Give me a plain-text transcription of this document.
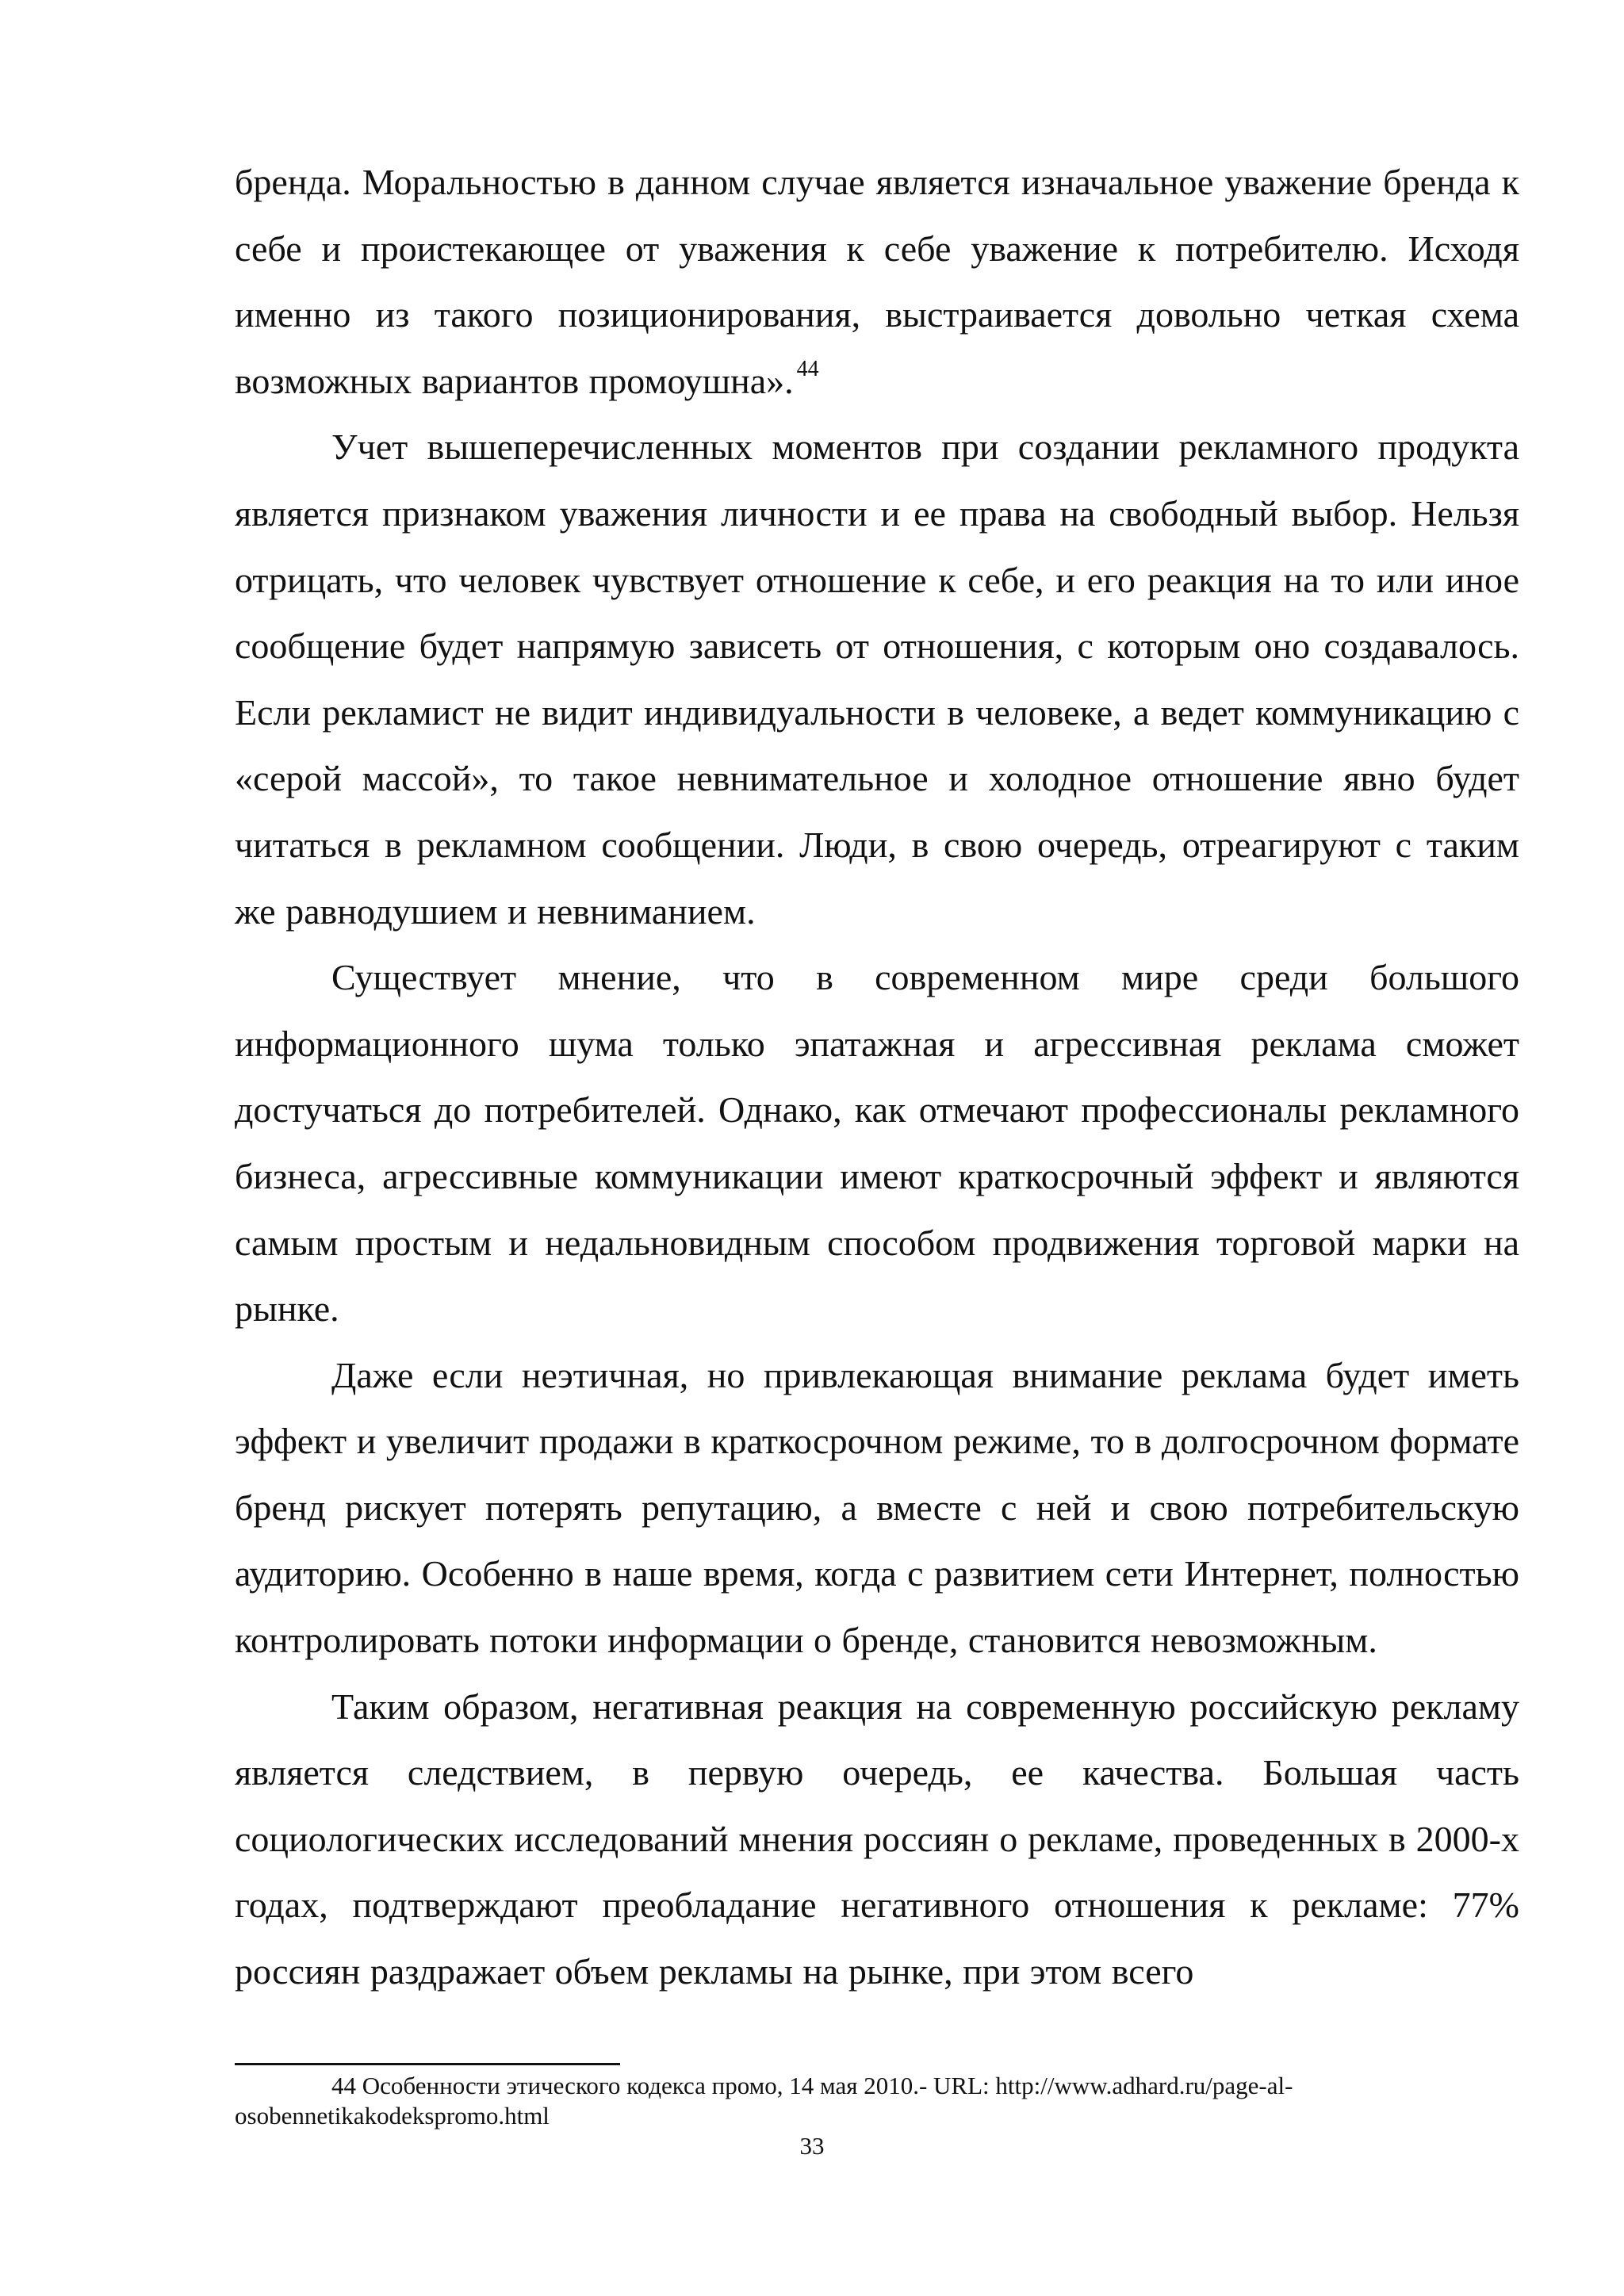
бренда. Моральностью в данном случае является изначальное уважение бренда к себе и проистекающее от уважения к себе уважение к потребителю. Исходя именно из такого позиционирования, выстраивается довольно четкая схема возможных вариантов промоушна». $^{44}$

Учет вышеперечисленных моментов при создании рекламного продукта является признаком уважения личности и ее права на свободный выбор. Нельзя отрицать, что человек чувствует отношение к себе, и его реакция на то или иное сообщение будет напрямую зависеть от отношения, с которым оно создавалось. Если рекламист не видит индивидуальности в человеке, а ведет коммуникацию с «серой массой», то такое невнимательное и холодное отношение явно будет читаться в рекламном сообщении. Люди, в свою очередь, отреагируют с таким же равнодушием и невниманием.

Существует мнение, что в современном мире среди большого информационного шума только эпатажная и агрессивная реклама сможет достучаться до потребителей. Однако, как отмечают профессионалы рекламного бизнеса, агрессивные коммуникации имеют краткосрочный эффект и являются самым простым и недальновидным способом продвижения торговой марки на рынке.

Даже если неэтичная, но привлекающая внимание реклама будет иметь эффект и увеличит продажи в краткосрочном режиме, то в долгосрочном формате бренд рискует потерять репутацию, а вместе с ней и свою потребительскую аудиторию. Особенно в наше время, когда с развитием сети Интернет, полностью контролировать потоки информации о бренде, становится невозможным.

Таким образом, негативная реакция на современную российскую рекламу является следствием, в первую очередь, ее качества. Большая часть социологических исследований мнения россиян о рекламе, проведенных в 2000-х годах, подтверждают преобладание негативного отношения к рекламе: 77% россиян раздражает объем рекламы на рынке, при этом всего

44 Особенности этического кодекса промо, 14 мая 2010.- URL: http://www.adhard.ru/page-al-osobennetikakodekspromo.html

33
